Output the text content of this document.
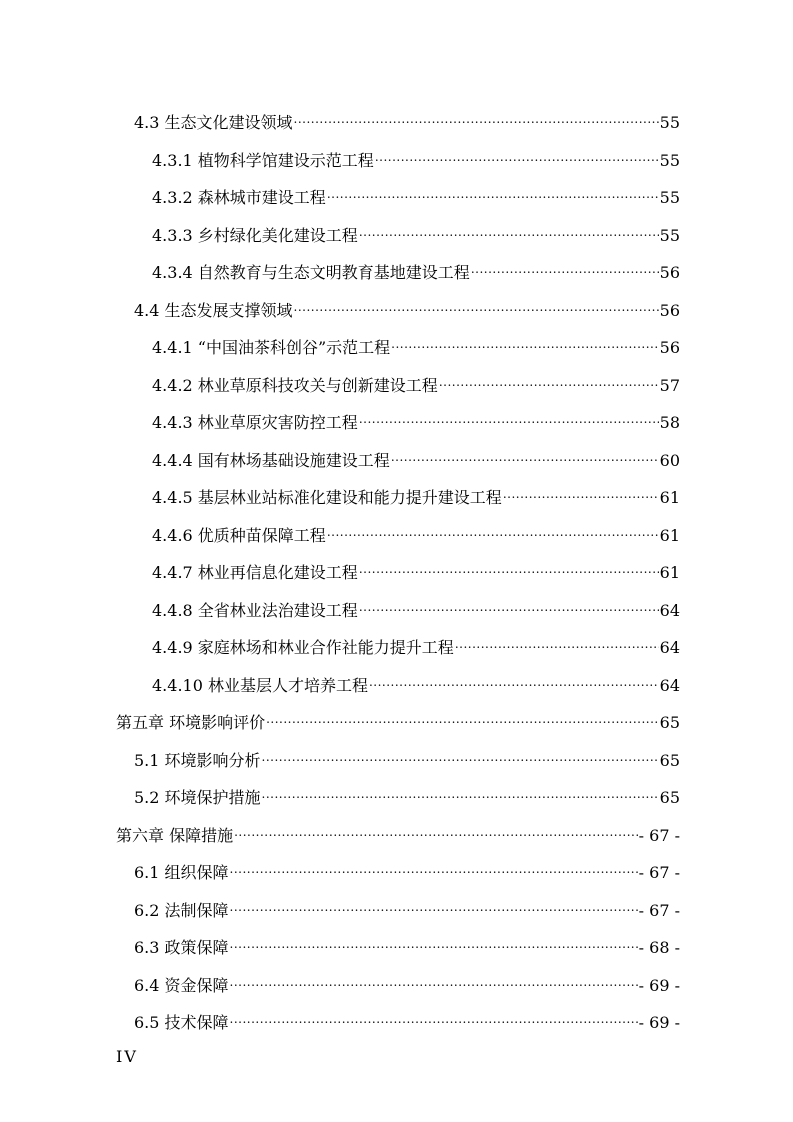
4.3 生态文化建设领域 .....	55
4.3.1 植物科学馆建设示范工程 .....	55
4.3.2 森林城市建设工程 .....	55
4.3.3 乡村绿化美化建设工程 .....	55
4.3.4 自然教育与生态文明教育基地建设工程 .....	56
4.4 生态发展支撑领域 .....	56
4.4.1 “中国油茶科创谷”示范工程 .....	56
4.4.2 林业草原科技攻关与创新建设工程 .....	57
4.4.3 林业草原灾害防控工程 .....	58
4.4.4 国有林场基础设施建设工程 .....	60
4.4.5 基层林业站标准化建设和能力提升建设工程 .....	61
4.4.6 优质种苗保障工程 .....	61
4.4.7 林业再信息化建设工程 .....	61
4.4.8 全省林业法治建设工程 .....	64
4.4.9 家庭林场和林业合作社能力提升工程 .....	64
4.4.10 林业基层人才培养工程 .....	64
第五章 环境影响评价 .....	65
5.1 环境影响分析 .....	65
5.2 环境保护措施 .....	65
第六章 保障措施 .....	- 67 -
6.1 组织保障 .....	- 67 -
6.2 法制保障 .....	- 67 -
6.3 政策保障 .....	- 68 -
6.4 资金保障 .....	- 69 -
6.5 技术保障 .....	- 69 -
IV
